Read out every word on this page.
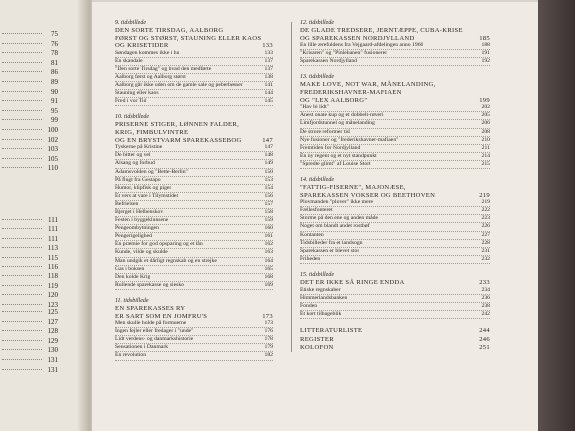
75
76
78
81
86
89
90
91
95
99
100
102
103
105
110
111
111
111
113
115
116
118
119
120
123
125
127
128
129
130
131
131
9. tidsbillede
DEN SORTE TIRSDAG, AALBORG
FØRST OG STØRST, STAUNING ELLER KAOS
OG KRISETIDER	133
Søndagen kommes ikke i hu	133
En skandale	137
"Den sorte Tirsdag" og hvad den medførte	137
Aalborg først og Aalborg størst	138
Aalborg går ikke uden om de gamle sale og peberbøsser	141
Stauning eller kaos	144
Fred i vor Tid	145
10. tidsbillede
PRISERNE STIGER, LØNNEN FALDER,
KRIG, FIMBULVINTRE
OG EN BRYSTVARM SPAREKASSEBOG	147
Tyskerne på Kristine	147
De bitter og vel	148
Alsang og forbud	149
Adamsvolden og "Bette-Berlin"	150
På flugt fra Gestapo	153
Humor, klipfisk og piger	154
Et vers at vare i Tilymstidet	156
Befrielsen	157
Bjerget i Helbenskov	158
Festen i byggeklunsene	159
Pengeombytningen	160
Pengerigelighed	161
En præmie for god opsparing og et lån	162
Kunde, vilde og skulde	163
Man undgik et dårligt regnskab og en strejke	164
Gas i boksen	165
Den kolde Krig	168
Rullende sparekasse og siesko	169
11. tidsbillede
EN SPAREKASSES RY
ER SART SOM EN JOMFRU'S	173
Men skulle holde på formuerne	173
Ingen fejler eller fredager i "unde"	176
Lidt verdens- og danmarkshistorie	178
Sensationen i Danmark	179
En revolution	182
12. tidsbillede
DE GLADE TREDSERE, JERNTÆPPE, CUBA-KRISE
OG SPAREKASSEN NORDJYLLAND	185
En lille ærefuldens fra Vejgaard-afdelingen anno 1966	188
"Krisaren" og "Pinlebanen" fusionerer	191
Sparekassen Nordjylland	192
13. tidsbillede
MAKE LOVE, NOT WAR, MÅNELANDING,
FREDERIKSHAVNER-MAFIAEN
OG "LEX AALBORG"	199
"Hav bi lidt"	202
Anest onate kup og et dobbelt-røveri	205
Limfjordstunnel og månelanding	206
De strore reformer tid	208
Nye fusioner og "frederikshavner-mafiaen"	210
Fremtiden for Nordjylland	211
En ny regent og et nyt standpunkt	214
"Spredte glimt" af Louise Stort	215
14. tidsbillede
"FATTIG-FISERNE", MAJONÆSE,
SPAREKASSEN VOKSER OG BEETHOVEN	219
Plovmanden "plover" ikke mere	219
Fællesfonteret	222
Storme på den ene og anden måde	223
Noget om blandt andet rostbøf	226
Kontanten	227
Tidsbilleder fra et landsogn	228
Sparekassen er blevet stor	231
Friheden	232
15. tidsbillede
DET ER IKKE SÅ RINGE ENDDA	233
Etiske regnskaber	234
Himmerlandsbanken	236
Fonden	238
Et kort tilbageblik	242
LITTERATURLISTE	244
REGISTER	246
KOLOFON	251
